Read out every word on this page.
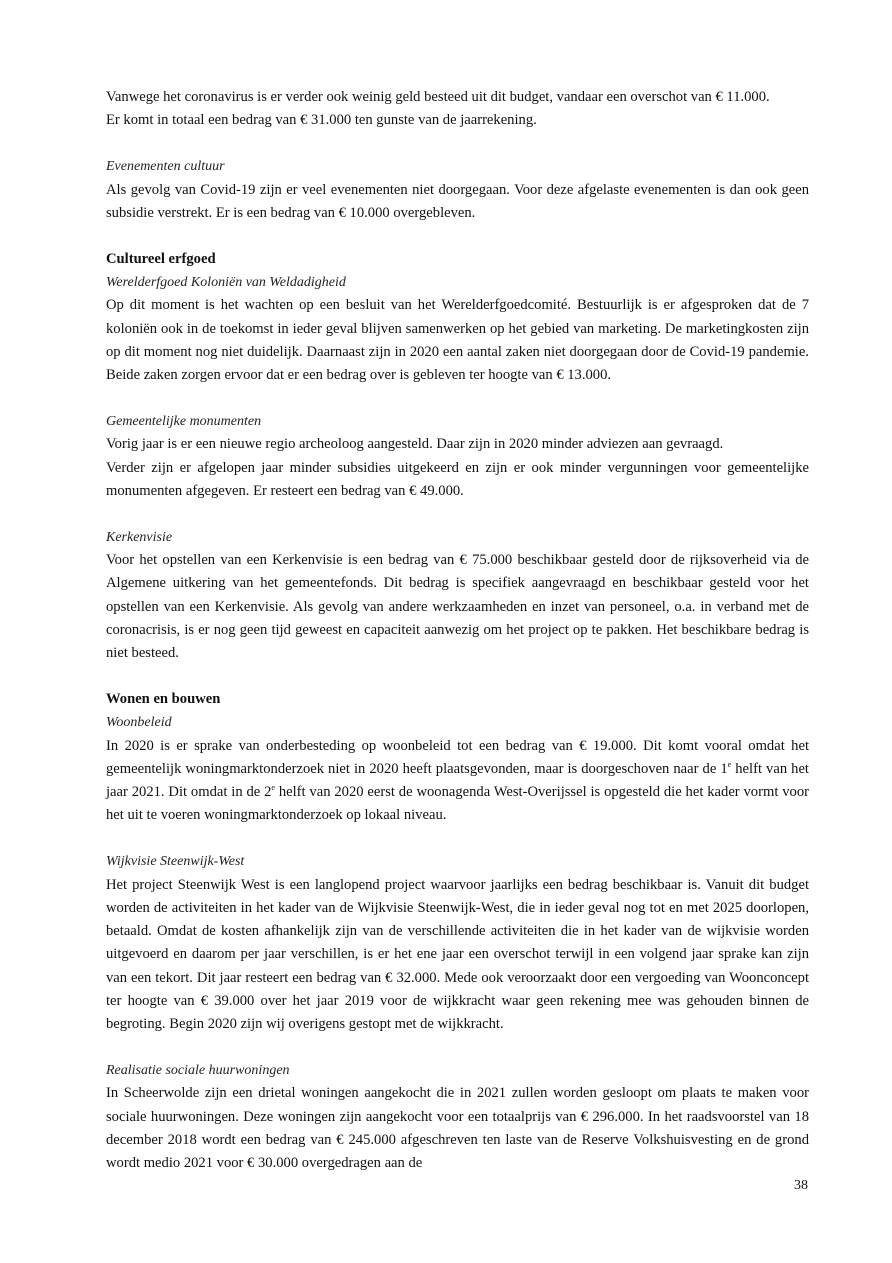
Vanwege het coronavirus is er verder ook weinig geld besteed uit dit budget, vandaar een overschot van € 11.000.

Er komt in totaal een bedrag van € 31.000 ten gunste van de jaarrekening.

Evenementen cultuur

Als gevolg van Covid-19 zijn er veel evenementen niet doorgegaan. Voor deze afgelaste evenementen is dan ook geen subsidie verstrekt. Er is een bedrag van € 10.000 overgebleven.

Cultureel erfgoed

Werelderfgoed Koloniën van Weldadigheid

Op dit moment is het wachten op een besluit van het Werelderfgoedcomité. Bestuurlijk is er afgesproken dat de 7 koloniën ook in de toekomst in ieder geval blijven samenwerken op het gebied van marketing. De marketingkosten zijn op dit moment nog niet duidelijk. Daarnaast zijn in 2020 een aantal zaken niet doorgegaan door de Covid-19 pandemie. Beide zaken zorgen ervoor dat er een bedrag over is gebleven ter hoogte van € 13.000.

Gemeentelijke monumenten

Vorig jaar is er een nieuwe regio archeoloog aangesteld. Daar zijn in 2020 minder adviezen aan gevraagd.

Verder zijn er afgelopen jaar minder subsidies uitgekeerd en zijn er ook minder vergunningen voor gemeentelijke monumenten afgegeven. Er resteert een bedrag van € 49.000.

Kerkenvisie

Voor het opstellen van een Kerkenvisie is een bedrag van € 75.000 beschikbaar gesteld door de rijksoverheid via de Algemene uitkering van het gemeentefonds. Dit bedrag is specifiek aangevraagd en beschikbaar gesteld voor het opstellen van een Kerkenvisie. Als gevolg van andere werkzaamheden en inzet van personeel, o.a. in verband met de coronacrisis, is er nog geen tijd geweest en capaciteit aanwezig om het project op te pakken. Het beschikbare bedrag is niet besteed.

Wonen en bouwen

Woonbeleid

In 2020 is er sprake van onderbesteding op woonbeleid tot een bedrag van € 19.000. Dit komt vooral omdat het gemeentelijk woningmarktonderzoek niet in 2020 heeft plaatsgevonden, maar is doorgeschoven naar de 1e helft van het jaar 2021. Dit omdat in de 2e helft van 2020 eerst de woonagenda West-Overijssel is opgesteld die het kader vormt voor het uit te voeren woningmarktonderzoek op lokaal niveau.

Wijkvisie Steenwijk-West

Het project Steenwijk West is een langlopend project waarvoor jaarlijks een bedrag beschikbaar is. Vanuit dit budget worden de activiteiten in het kader van de Wijkvisie Steenwijk-West, die in ieder geval nog tot en met 2025 doorlopen, betaald. Omdat de kosten afhankelijk zijn van de verschillende activiteiten die in het kader van de wijkvisie worden uitgevoerd en daarom per jaar verschillen, is er het ene jaar een overschot terwijl in een volgend jaar sprake kan zijn van een tekort. Dit jaar resteert een bedrag van € 32.000. Mede ook veroorzaakt door een vergoeding van Woonconcept ter hoogte van € 39.000 over het jaar 2019 voor de wijkkracht waar geen rekening mee was gehouden binnen de begroting. Begin 2020 zijn wij overigens gestopt met de wijkkracht.

Realisatie sociale huurwoningen

In Scheerwolde zijn een drietal woningen aangekocht die in 2021 zullen worden gesloopt om plaats te maken voor sociale huurwoningen. Deze woningen zijn aangekocht voor een totaalprijs van € 296.000. In het raadsvoorstel van 18 december 2018 wordt een bedrag van € 245.000 afgeschreven ten laste van de Reserve Volkshuisvesting en de grond wordt medio 2021 voor € 30.000 overgedragen aan de

38
